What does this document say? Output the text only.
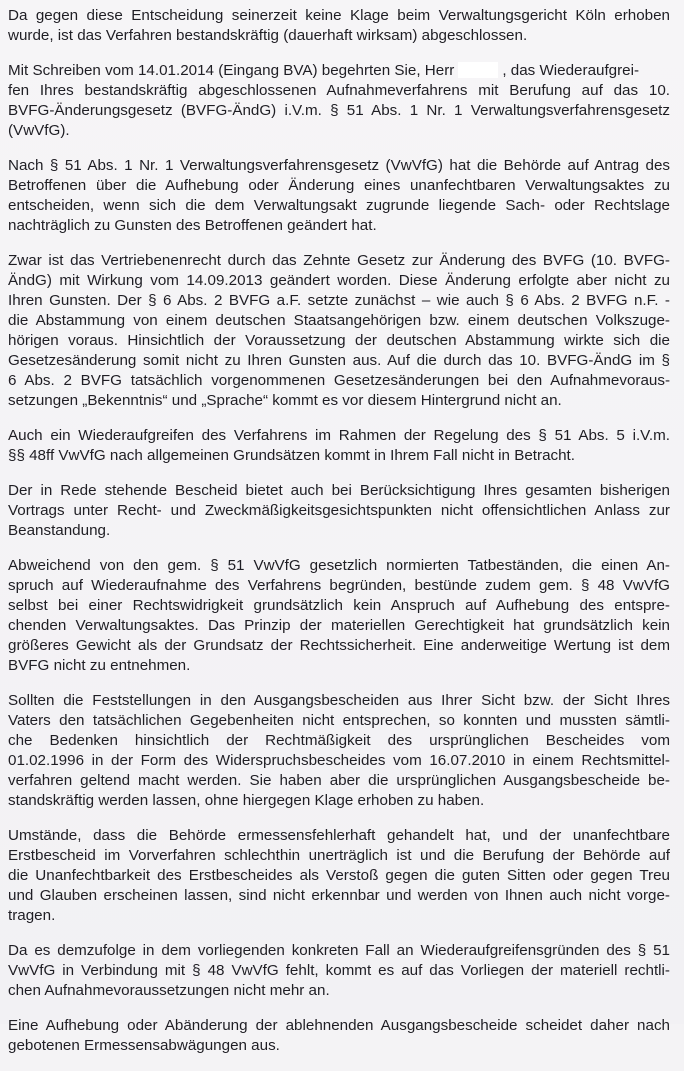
Da gegen diese Entscheidung seinerzeit keine Klage beim Verwaltungsgericht Köln erhoben
wurde, ist das Verfahren bestandskräftig (dauerhaft wirksam) abgeschlossen.

Mit Schreiben vom 14.01.2014 (Eingang BVA) begehrten Sie, Herr	, das Wiederaufgrei-
fen Ihres bestandskräftig abgeschlossenen Aufnahmeverfahrens mit Berufung auf das 10.
BVFG-Änderungsgesetz (BVFG-ÄndG) i.V.m. § 51 Abs. 1 Nr. 1 Verwaltungsverfahrensgesetz
(VwVfG).

Nach § 51 Abs. 1 Nr. 1 Verwaltungsverfahrensgesetz (VwVfG) hat die Behörde auf Antrag des
Betroffenen über die Aufhebung oder Änderung eines unanfechtbaren Verwaltungsaktes zu
entscheiden, wenn sich die dem Verwaltungsakt zugrunde liegende Sach- oder Rechtslage
nachträglich zu Gunsten des Betroffenen geändert hat.

Zwar ist das Vertriebenenrecht durch das Zehnte Gesetz zur Änderung des BVFG (10. BVFG-
ÄndG) mit Wirkung vom 14.09.2013 geändert worden. Diese Änderung erfolgte aber nicht zu
Ihren Gunsten. Der § 6 Abs. 2 BVFG a.F. setzte zunächst – wie auch § 6 Abs. 2 BVFG n.F. -
die Abstammung von einem deutschen Staatsangehörigen bzw. einem deutschen Volkszuge-
hörigen voraus. Hinsichtlich der Voraussetzung der deutschen Abstammung wirkte sich die
Gesetzesänderung somit nicht zu Ihren Gunsten aus. Auf die durch das 10. BVFG-ÄndG im §
6 Abs. 2 BVFG tatsächlich vorgenommenen Gesetzesänderungen bei den Aufnahmevoraus-
setzungen „Bekenntnis“ und „Sprache“ kommt es vor diesem Hintergrund nicht an.

Auch ein Wiederaufgreifen des Verfahrens im Rahmen der Regelung des § 51 Abs. 5 i.V.m.
§§ 48ff VwVfG nach allgemeinen Grundsätzen kommt in Ihrem Fall nicht in Betracht.

Der in Rede stehende Bescheid bietet auch bei Berücksichtigung Ihres gesamten bisherigen
Vortrags unter Recht- und Zweckmäßigkeitsgesichtspunkten nicht offensichtlichen Anlass zur
Beanstandung.

Abweichend von den gem. § 51 VwVfG gesetzlich normierten Tatbeständen, die einen An-
spruch auf Wiederaufnahme des Verfahrens begründen, bestünde zudem gem. § 48 VwVfG
selbst bei einer Rechtswidrigkeit grundsätzlich kein Anspruch auf Aufhebung des entspre-
chenden Verwaltungsaktes. Das Prinzip der materiellen Gerechtigkeit hat grundsätzlich kein
größeres Gewicht als der Grundsatz der Rechtssicherheit. Eine anderweitige Wertung ist dem
BVFG nicht zu entnehmen.

Sollten die Feststellungen in den Ausgangsbescheiden aus Ihrer Sicht bzw. der Sicht Ihres
Vaters den tatsächlichen Gegebenheiten nicht entsprechen, so konnten und mussten sämtli-
che Bedenken hinsichtlich der Rechtmäßigkeit des ursprünglichen Bescheides vom
01.02.1996 in der Form des Widerspruchsbescheides vom 16.07.2010 in einem Rechtsmittel-
verfahren geltend macht werden. Sie haben aber die ursprünglichen Ausgangsbescheide be-
standskräftig werden lassen, ohne hiergegen Klage erhoben zu haben.

Umstände, dass die Behörde ermessensfehlerhaft gehandelt hat, und der unanfechtbare
Erstbescheid im Vorverfahren schlechthin unerträglich ist und die Berufung der Behörde auf
die Unanfechtbarkeit des Erstbescheides als Verstoß gegen die guten Sitten oder gegen Treu
und Glauben erscheinen lassen, sind nicht erkennbar und werden von Ihnen auch nicht vorge-
tragen.

Da es demzufolge in dem vorliegenden konkreten Fall an Wiederaufgreifensgründen des § 51
VwVfG in Verbindung mit § 48 VwVfG fehlt, kommt es auf das Vorliegen der materiell rechtli-
chen Aufnahmevoraussetzungen nicht mehr an.

Eine Aufhebung oder Abänderung der ablehnenden Ausgangsbescheide scheidet daher nach
gebotenen Ermessensabwägungen aus.
